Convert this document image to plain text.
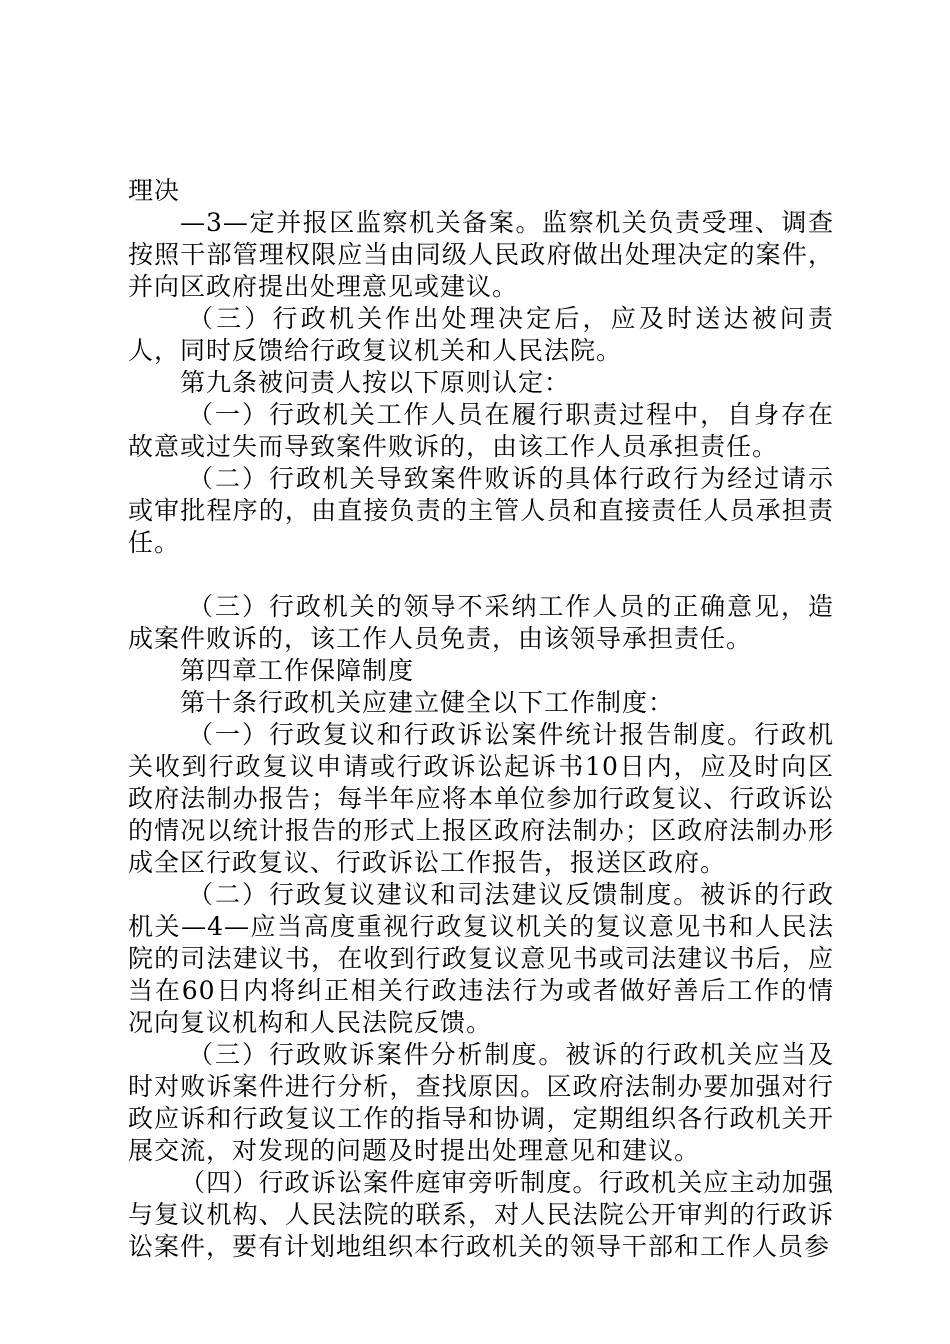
理决

—3—定并报区监察机关备案。监察机关负责受理、调查按照干部管理权限应当由同级人民政府做出处理决定的案件，并向区政府提出处理意见或建议。

（三）行政机关作出处理决定后，应及时送达被问责人，同时反馈给行政复议机关和人民法院。

第九条被问责人按以下原则认定：

（一）行政机关工作人员在履行职责过程中，自身存在故意或过失而导致案件败诉的，由该工作人员承担责任。

（二）行政机关导致案件败诉的具体行政行为经过请示或审批程序的，由直接负责的主管人员和直接责任人员承担责任。

（三）行政机关的领导不采纳工作人员的正确意见，造成案件败诉的，该工作人员免责，由该领导承担责任。

第四章工作保障制度

第十条行政机关应建立健全以下工作制度：

（一）行政复议和行政诉讼案件统计报告制度。行政机关收到行政复议申请或行政诉讼起诉书10日内，应及时向区政府法制办报告；每半年应将本单位参加行政复议、行政诉讼的情况以统计报告的形式上报区政府法制办；区政府法制办形成全区行政复议、行政诉讼工作报告，报送区政府。

（二）行政复议建议和司法建议反馈制度。被诉的行政机关—4—应当高度重视行政复议机关的复议意见书和人民法院的司法建议书，在收到行政复议意见书或司法建议书后，应当在60日内将纠正相关行政违法行为或者做好善后工作的情况向复议机构和人民法院反馈。

（三）行政败诉案件分析制度。被诉的行政机关应当及时对败诉案件进行分析，查找原因。区政府法制办要加强对行政应诉和行政复议工作的指导和协调，定期组织各行政机关开展交流，对发现的问题及时提出处理意见和建议。

（四）行政诉讼案件庭审旁听制度。行政机关应主动加强与复议机构、人民法院的联系，对人民法院公开审判的行政诉讼案件，要有计划地组织本行政机关的领导干部和工作人员参
